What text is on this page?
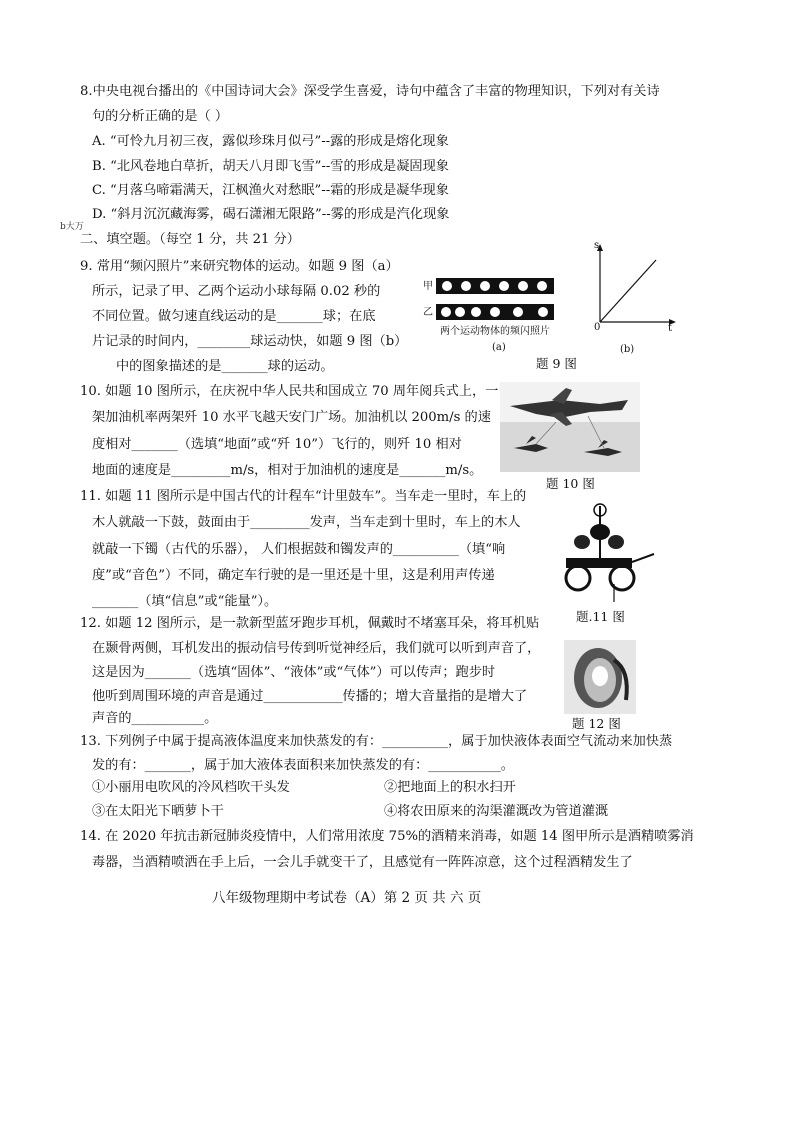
8.中央电视台播出的《中国诗词大会》深受学生喜爱，诗句中蕴含了丰富的物理知识，下列对有关诗
句的分析正确的是（ ）
A. “可怜九月初三夜，露似珍珠月似弓”--露的形成是熔化现象
B. “北风卷地白草折，胡天八月即飞雪”--雪的形成是凝固现象
C. “月落乌啼霜满天，江枫渔火对愁眠”--霜的形成是凝华现象
D. “斜月沉沉藏海雾，碣石潇湘无限路”--雾的形成是汽化现象
b大万
二、填空题。（每空 1 分，共 21 分）
9. 常用“频闪照片”来研究物体的运动。如题 9 图（a）
所示，记录了甲、乙两个运动小球每隔 0.02 秒的
不同位置。做匀速直线运动的是_______球；在底
片记录的时间内，________球运动快，如题 9 图（b）
中的图象描述的是_______球的运动。
甲
乙
两个运动物体的频闪照片
(a)
s
t
0
(b)
题 9 图
10. 如题 10 图所示，在庆祝中华人民共和国成立 70 周年阅兵式上，一
架加油机率两架歼 10 水平飞越天安门广场。加油机以 200m/s 的速
度相对_______（选填“地面”或“歼 10”）飞行的，则歼 10 相对
地面的速度是_________m/s，相对于加油机的速度是_______m/s。
题 10 图
11. 如题 11 图所示是中国古代的计程车“计里鼓车”。当车走一里时，车上的
木人就敲一下鼓，鼓面由于_________发声，当车走到十里时，车上的木人
就敲一下镯（古代的乐器）， 人们根据鼓和镯发声的__________（填“响
度”或“音色”）不同，确定车行驶的是一里还是十里，这是利用声传递
_______（填“信息”或“能量”）。
题.11 图
12. 如题 12 图所示，是一款新型蓝牙跑步耳机，佩戴时不堵塞耳朵，将耳机贴
在颞骨两侧，耳机发出的振动信号传到听觉神经后，我们就可以听到声音了，
这是因为_______（选填“固体”、“液体”或“气体”）可以传声；跑步时
他听到周围环境的声音是通过____________传播的；增大音量指的是增大了
声音的___________。	题 12 图
13. 下列例子中属于提高液体温度来加快蒸发的有：__________，属于加快液体表面空气流动来加快蒸
发的有：_______，属于加大液体表面积来加快蒸发的有：___________。
①小丽用电吹风的冷风档吹干头发	②把地面上的积水扫开
③在太阳光下晒萝卜干	④将农田原来的沟渠灌溉改为管道灌溉
14. 在 2020 年抗击新冠肺炎疫情中，人们常用浓度 75%的酒精来消毒，如题 14 图甲所示是酒精喷雾消
毒器，当酒精喷洒在手上后，一会儿手就变干了，且感觉有一阵阵凉意，这个过程酒精发生了
八年级物理期中考试卷（A）第 2 页 共 六 页
